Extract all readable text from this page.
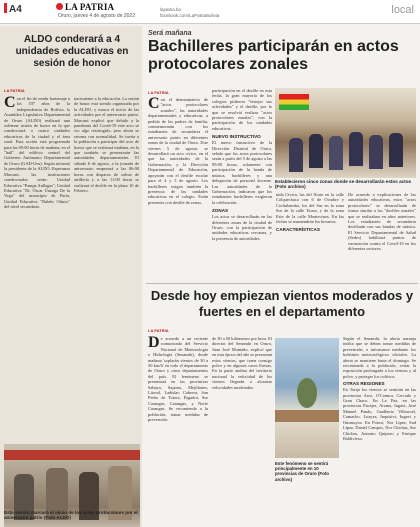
A4	LA PATRIA
Oruro, jueves 4 de agosto de 2022
lapatria.bo
facebook.com/LaPatriaBolivia	local
ALDO conderará a 4 unidades educativas en sesión de honor
LA PATRIA
Con el fin de rendir homenaje a los 197 años de la independencia de Bolivia, la Asamblea Legislativa Departamental de Oruro (ALDO) realizará una solemne sesión de honor en la que condecorará a cuatro unidades educativas de la ciudad y el área rural. Esta acción está programada para las 09:00 horas de mañana, en el "hall" del edificio central del Gobierno Autónomo Departamental de Oruro (GAD-Oru). Según informó la presidenta de la ALDO, Esperanza Marcani, las instituciones condecoradas serán: Unidad Educativa "Pampa Aullagas", Unidad Educativa "Dr. Óscar Únzaga De la Vega" del municipio de Paria, Unidad Educativa "Rubén Olmos" del nivel secundario.
nacimiento a la educación. La sesión de honor está siendo organizada por la ALDO, y marca el inicio de las actividades por el aniversario patrio. Marcani explicó que debido a la pandemia del Covid-19 este acto se vio algo restringido, pero ahora se retoma con normalidad. Se invita a la población a participar del acto de honor que se realizará mañana, en la que también se presentarán las autoridades departamentales. El sábado 6 de agosto, a la jornada de aniversario empezará a las 06:00 horas con disparos de salvas de artillería y a las 11:00 horas se realizará el desfile en la plaza 10 de Febrero.
Esta sesión marcará el inicio de los actos protocolares por el aniversario patrio (Foto ALDO)
Será mañana
Bachilleres participarán en actos protocolares zonales
LA PATRIA
Con el denominativo de "actos protocolares zonales", las autoridades departamentales y educativas, a pedido de los padres de familia, conmemorarán con los estudiantes de secundaria el aniversario patrio en diferentes zonas de la ciudad de Oruro. Este viernes 5 de agosto, se desarrollará un acto cívico, en el que las autoridades de la Gobernación, y la Dirección Departamental de Educación, apoyarán con el desfile escolar para el 4 y 5 de agosto. Los bachilleres exigen también la presencia de las unidades educativas en el colegio. Están presentes con desfile de zonas.
participación en el desfile en esta fecha, la gran mayoría de los colegios pidieron "festejar sus actividades" y el desfile, por lo que se resolvió realizar "actos protocolares zonales", con la participación de los unidades educativas.
NUEVO INSTRUCTIVO
El nuevo instructivo de la Dirección Distrital de Oruro, señala que los actos protocolares serán a partir del 5 de agosto a las 09:00 horas, solamente con participación de la banda de música, bachilleres y una delegación de personal docente. Las autoridades de la Gobernación, indicaron que los estudiantes bachilleres exigieron la celebración.
ZONAS
Los actos se desarrollarán en las diferentes zonas de la ciudad de Oruro, con la participación de unidades educativas cercanas, y la presencia de autoridades.
Establecieron cinco zonas donde se desarrollarán estos actos (Foto archivo)
nida Cívica, los del Norte en la calle Colquechaca con 6 de Octubre y Cochabamba, los del Sur en la zona Sur de la calle Tacna, y de la zona Este de la calle Montecinos. En las fechas se mantendrán los horarios.
CARACTERÍSTICAS
De acuerdo a explicaciones de las autoridades educativas, estos "actos protocolares" se desarrollarán de forma similar a los "desfiles zonales" que se realizaban en años anteriores. Los estudiantes de secundaria desfilarán con sus bandas de música. El Servicio Departamental de Salud (Sedes) habilitará puntos de vacunación contra el Covid-19 en los diferentes sectores.
Desde hoy empiezan vientos moderados y fuertes en el departamento
LA PATRIA
De acuerdo a un reciente comunicado del Servicio Nacional de Meteorología e Hidrología (Senamhi), desde mañana 'soplarán vientos de 30 a 50 km/h' en todo el departamento de Oruro y otros departamentos del país. El fenómeno se presentará en las provincias Sabaya, Sajama, Mejillones, Litoral, Ladislao Cabrera, San Pedro de Totora, Pagador, Sur Carangas, Carangas, y Norte Carangas. Se recomienda a la población, tomar medidas de prevención.
de 30 a 50 kilómetros por hora. El director del Senamhi en Oruro, Juan José Montaño, explicó que en esta época del año se presentan estos vientos, que traen consigo polvo y en algunos casos lluvias. En la parte andina del territorio nacional la velocidad de los vientos llegarán a alcanzar velocidades moderadas.
Este fenómeno se sentirá principalmente en 10 provincias de Oruro (Foto archivo)
Según el Senamhi, la alerta naranja indica que se deben tomar medidas de prevención, e informarse mediante los boletines meteorológicos oficiales. La alerta se mantiene hasta el domingo. Se recomienda a la población, evitar la exposición prolongada a los vientos y al polvo, y proteger los cultivos.
OTRAS REGIONES
En Tarija los vientos se sentirán en las provincias Arce, O'Connor, Cercado y Gran Chaco. En La Paz, en las provincias Pacajes, Aroma, Ingavi, José Manuel Pando, Gualberto Villarroel, Camacho, Loayza, Inquisivi, Ingavi y Omasuyos. En Potosí, Nor Lípez, Sud Lípez, Daniel Campos, Nor Chichas, Sur Chichas, Antonio Quijarro y Enrique Baldivieso.
